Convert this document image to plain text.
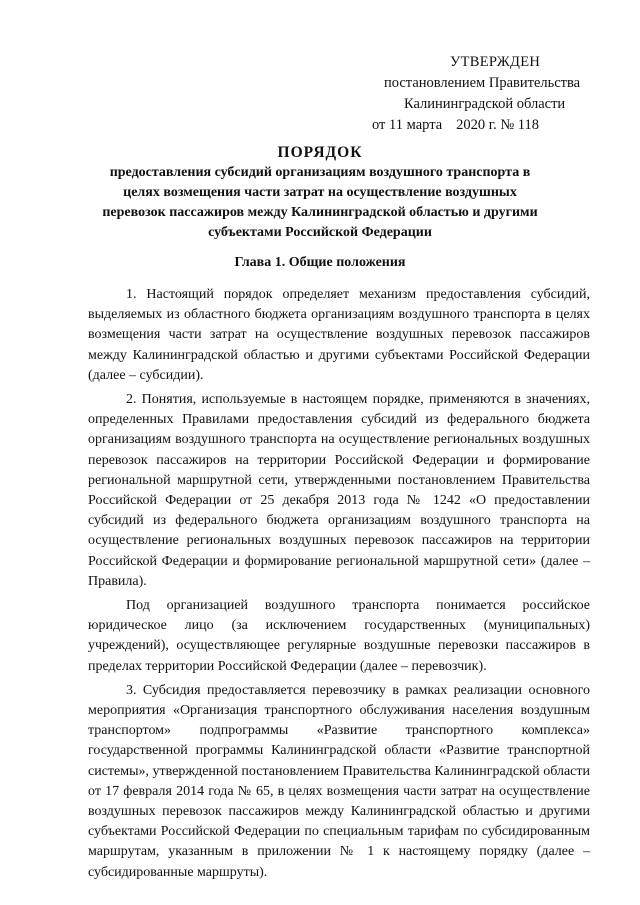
УТВЕРЖДЕН
постановлением Правительства
Калининградской области
от 11 марта 2020 г. № 118
ПОРЯДОК
предоставления субсидий организациям воздушного транспорта в целях возмещения части затрат на осуществление воздушных перевозок пассажиров между Калининградской областью и другими субъектами Российской Федерации
Глава 1. Общие положения

1. Настоящий порядок определяет механизм предоставления субсидий, выделяемых из областного бюджета организациям воздушного транспорта в целях возмещения части затрат на осуществление воздушных перевозок пассажиров между Калининградской областью и другими субъектами Российской Федерации (далее – субсидии).

2. Понятия, используемые в настоящем порядке, применяются в значениях, определенных Правилами предоставления субсидий из федерального бюджета организациям воздушного транспорта на осуществление региональных воздушных перевозок пассажиров на территории Российской Федерации и формирование региональной маршрутной сети, утвержденными постановлением Правительства Российской Федерации от 25 декабря 2013 года № 1242 «О предоставлении субсидий из федерального бюджета организациям воздушного транспорта на осуществление региональных воздушных перевозок пассажиров на территории Российской Федерации и формирование региональной маршрутной сети» (далее – Правила).

Под организацией воздушного транспорта понимается российское юридическое лицо (за исключением государственных (муниципальных) учреждений), осуществляющее регулярные воздушные перевозки пассажиров в пределах территории Российской Федерации (далее – перевозчик).

3. Субсидия предоставляется перевозчику в рамках реализации основного мероприятия «Организация транспортного обслуживания населения воздушным транспортом» подпрограммы «Развитие транспортного комплекса» государственной программы Калининградской области «Развитие транспортной системы», утвержденной постановлением Правительства Калининградской области от 17 февраля 2014 года № 65, в целях возмещения части затрат на осуществление воздушных перевозок пассажиров между Калининградской областью и другими субъектами Российской Федерации по специальным тарифам по субсидированным маршрутам, указанным в приложении № 1 к настоящему порядку (далее – субсидированные маршруты).
